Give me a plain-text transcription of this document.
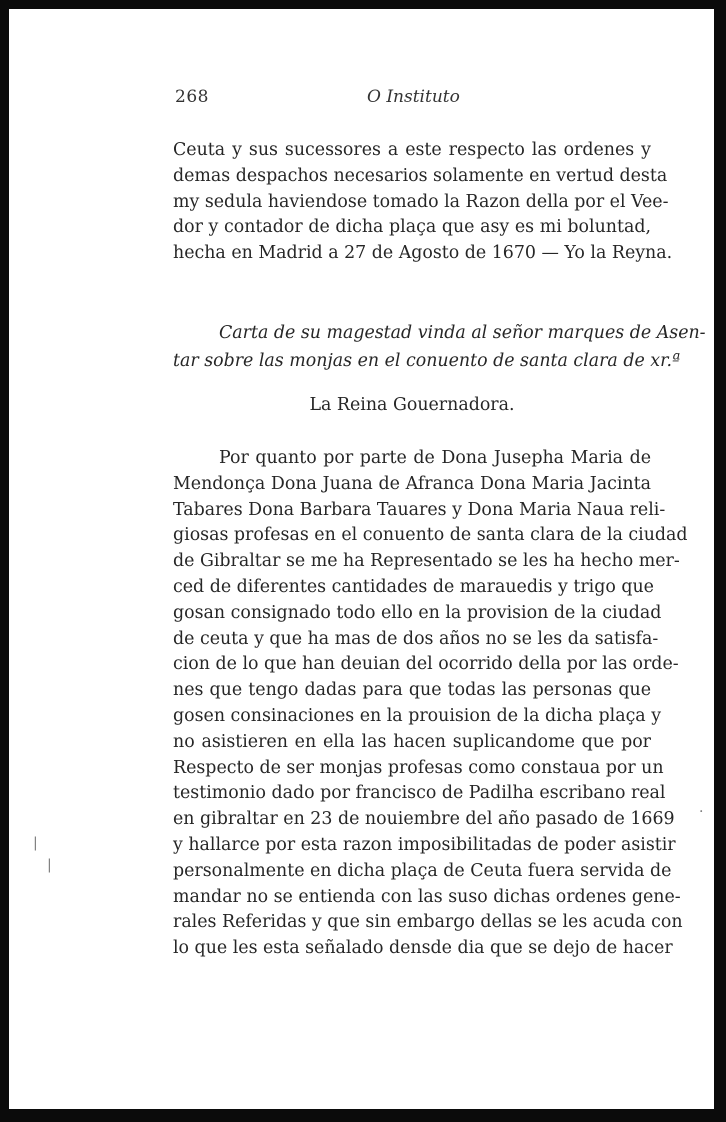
268	O Instituto
Ceuta y sus sucessores a este respecto las ordenes y
demas despachos necesarios solamente en vertud desta
my sedula haviendose tomado la Razon della por el Vee-
dor y contador de dicha plaça que asy es mi boluntad,
hecha en Madrid a 27 de Agosto de 1670 — Yo la Reyna.
Carta de su magestad vinda al señor marques de Asen-
tar sobre las monjas en el conuento de santa clara de xr.ª
La Reina Gouernadora.
Por quanto por parte de Dona Jusepha Maria de
Mendonça Dona Juana de Afranca Dona Maria Jacinta
Tabares Dona Barbara Tauares y Dona Maria Naua reli-
giosas profesas en el conuento de santa clara de la ciudad
de Gibraltar se me ha Representado se les ha hecho mer-
ced de diferentes cantidades de marauedis y trigo que
gosan consignado todo ello en la provision de la ciudad
de ceuta y que ha mas de dos años no se les da satisfa-
cion de lo que han deuian del ocorrido della por las orde-
nes que tengo dadas para que todas las personas que
gosen consinaciones en la prouision de la dicha plaça y
no asistieren en ella las hacen suplicandome que por
Respecto de ser monjas profesas como constaua por un
testimonio dado por francisco de Padilha escribano real
en gibraltar en 23 de nouiembre del año pasado de 1669
y hallarce por esta razon imposibilitadas de poder asistir
personalmente en dicha plaça de Ceuta fuera servida de
mandar no se entienda con las suso dichas ordenes gene-
rales Referidas y que sin embargo dellas se les acuda con
lo que les esta señalado densde dia que se dejo de hacer
|
|
·
